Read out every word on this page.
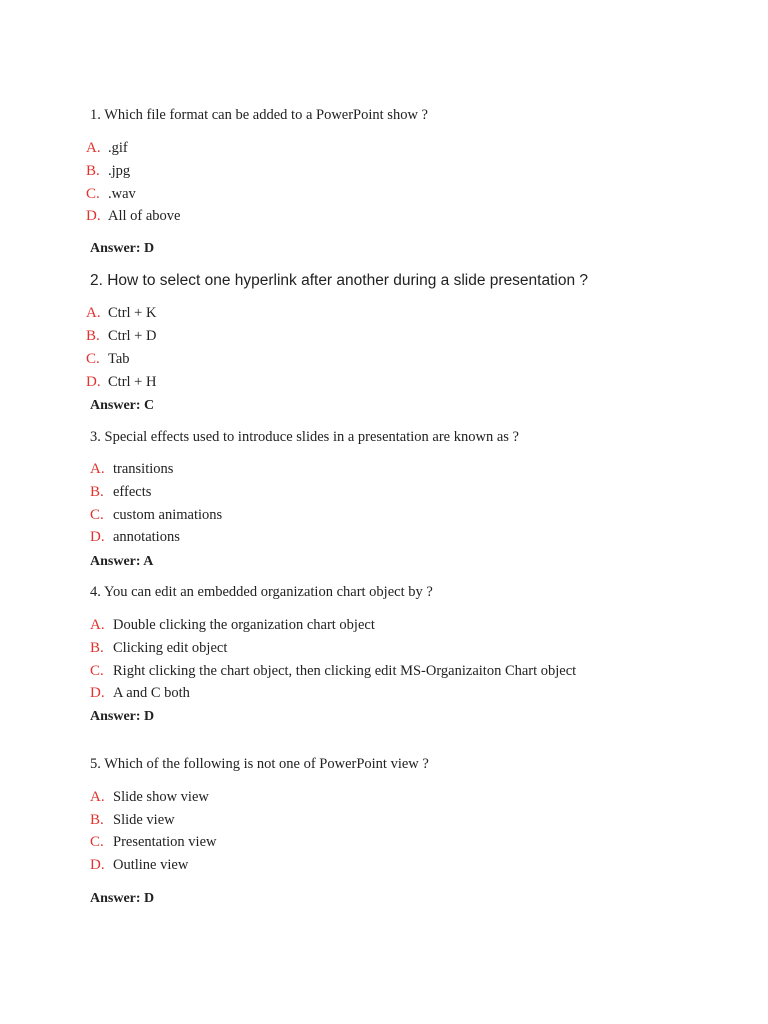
1. Which file format can be added to a PowerPoint show ?
A. .gif
B. .jpg
C. .wav
D. All of above
Answer: D
2. How to select one hyperlink after another during a slide presentation ?
A. Ctrl + K
B. Ctrl + D
C. Tab
D. Ctrl + H
Answer: C
3. Special effects used to introduce slides in a presentation are known as ?
A. transitions
B. effects
C. custom animations
D. annotations
Answer: A
4. You can edit an embedded organization chart object by ?
A. Double clicking the organization chart object
B. Clicking edit object
C. Right clicking the chart object, then clicking edit MS-Organizaiton Chart object
D. A and C both
Answer: D
5. Which of the following is not one of PowerPoint view ?
A. Slide show view
B. Slide view
C. Presentation view
D. Outline view
Answer: D
